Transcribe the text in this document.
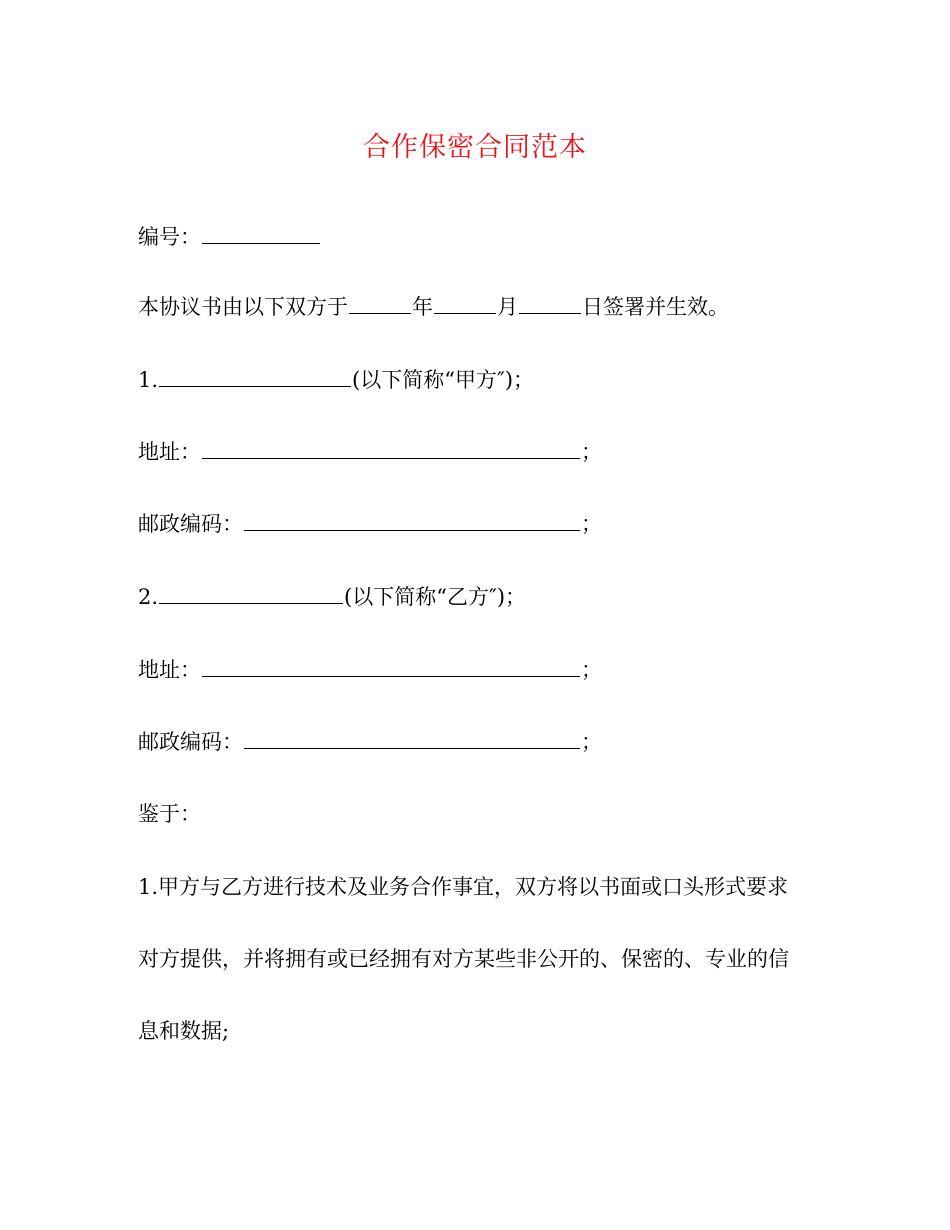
合作保密合同范本
编号：
本协议书由以下双方于	年	月	日签署并生效。
1.	(以下简称“甲方″)；
地址：	；
邮政编码：	；
2.	(以下简称“乙方″)；
地址：	；
邮政编码：	；
鉴于：
1.甲方与乙方进行技术及业务合作事宜，双方将以书面或口头形式要求
对方提供，并将拥有或已经拥有对方某些非公开的、保密的、专业的信
息和数据;
